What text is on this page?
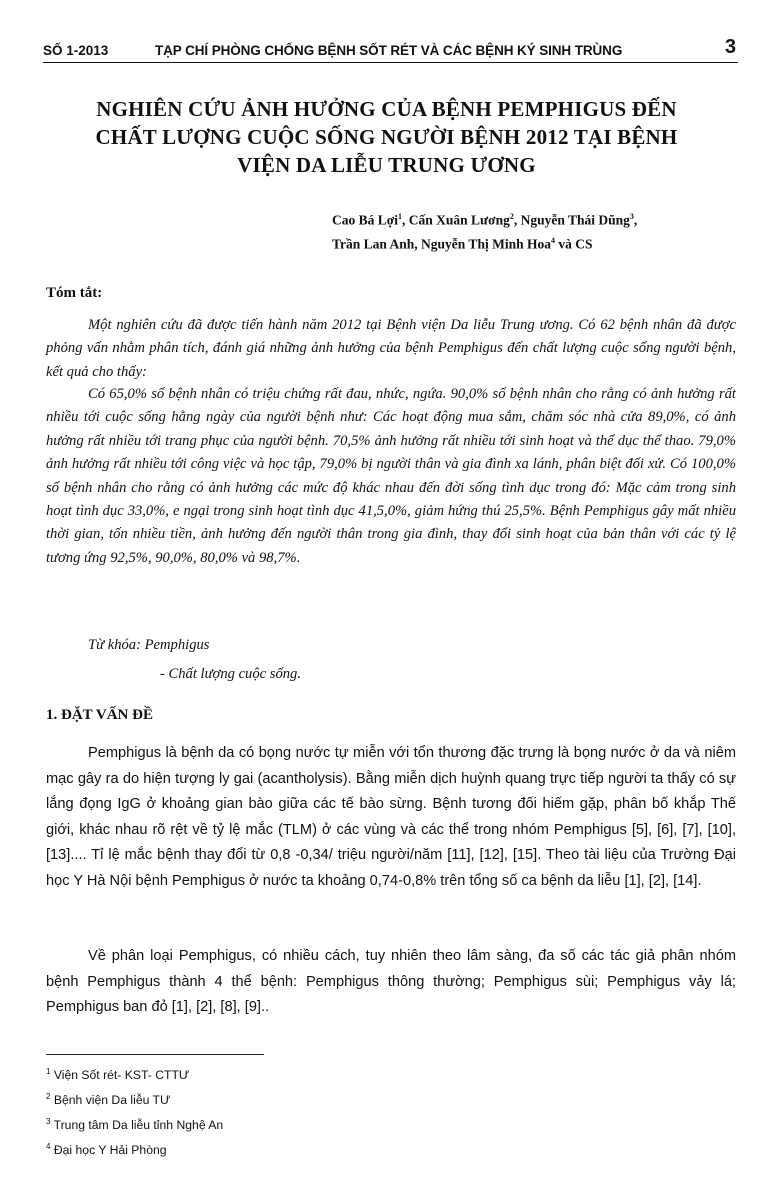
SỐ 1-2013	TẠP CHÍ PHÒNG CHỐNG BỆNH SỐT RÉT VÀ CÁC BỆNH KÝ SINH TRÙNG	3
NGHIÊN CỨU ẢNH HƯỞNG CỦA BỆNH PEMPHIGUS ĐẾN
CHẤT LƯỢNG CUỘC SỐNG NGƯỜI BỆNH 2012 TẠI BỆNH
VIỆN DA LIỄU TRUNG ƯƠNG
Cao Bá Lợi$^1$, Cấn Xuân Lương$^2$, Nguyễn Thái Dũng$^3$,
Trần Lan Anh, Nguyễn Thị Minh Hoa$^4$ và CS
Tóm tắt:
Một nghiên cứu đã được tiến hành năm 2012 tại Bệnh viện Da liễu Trung ương. Có 62 bệnh nhân đã được phỏng vấn nhằm phân tích, đánh giá những ảnh hưởng của bệnh Pemphigus đến chất lượng cuộc sống người bệnh, kết quả cho thấy:
Có 65,0% số bệnh nhân có triệu chứng rất đau, nhức, ngứa. 90,0% số bệnh nhân cho rằng có ảnh hưởng rất nhiều tới cuộc sống hằng ngày của người bệnh như: Các hoạt động mua sắm, chăm sóc nhà cửa 89,0%, có ảnh hưởng rất nhiều tới trang phục của người bệnh. 70,5% ảnh hưởng rất nhiều tới sinh hoạt và thể dục thể thao. 79,0% ảnh hưởng rất nhiều tới công việc và học tập, 79,0% bị người thân và gia đình xa lánh, phân biệt đối xử. Có 100,0% số bệnh nhân cho rằng có ảnh hưởng các mức độ khác nhau đến đời sống tình dục trong đó: Mặc cảm trong sinh hoạt tình dục 33,0%, e ngại trong sinh hoạt tình dục 41,5,0%, giảm hứng thú 25,5%. Bệnh Pemphigus gây mất nhiều thời gian, tốn nhiều tiền, ảnh hưởng đến người thân trong gia đình, thay đổi sinh hoạt của bản thân với các tỷ lệ tương ứng 92,5%, 90,0%, 80,0% và 98,7%.
Từ khóa: Pemphigus
- Chất lượng cuộc sống.
1. ĐẶT VẤN ĐỀ
Pemphigus là bệnh da có bọng nước tự miễn với tổn thương đặc trưng là bọng nước ở da và niêm mạc gây ra do hiện tượng ly gai (acantholysis). Bằng miễn dịch huỳnh quang trực tiếp người ta thấy có sự lắng đọng IgG ở khoảng gian bào giữa các tế bào sừng. Bệnh tương đối hiếm gặp, phân bố khắp Thế giới, khác nhau rõ rệt về tỷ lệ mắc (TLM) ở các vùng và các thể trong nhóm Pemphigus [5], [6], [7], [10], [13].... Tỉ lệ mắc bệnh thay đổi từ 0,8 -0,34/ triệu người/năm [11], [12], [15]. Theo tài liệu của Trường Đại học Y Hà Nội bệnh Pemphigus ở nước ta khoảng 0,74-0,8% trên tổng số ca bệnh da liễu [1], [2], [14].
Về phân loại Pemphigus, có nhiều cách, tuy nhiên theo lâm sàng, đa số các tác giả phân nhóm bệnh Pemphigus thành 4 thể bệnh: Pemphigus thông thường; Pemphigus sùi; Pemphigus vảy lá; Pemphigus ban đỏ [1], [2], [8], [9]..
$^1$ Viện Sốt rét- KST- CTTƯ
$^2$ Bệnh viện Da liễu TƯ
$^3$ Trung tâm Da liễu tỉnh Nghệ An
$^4$ Đại học Y Hải Phòng
